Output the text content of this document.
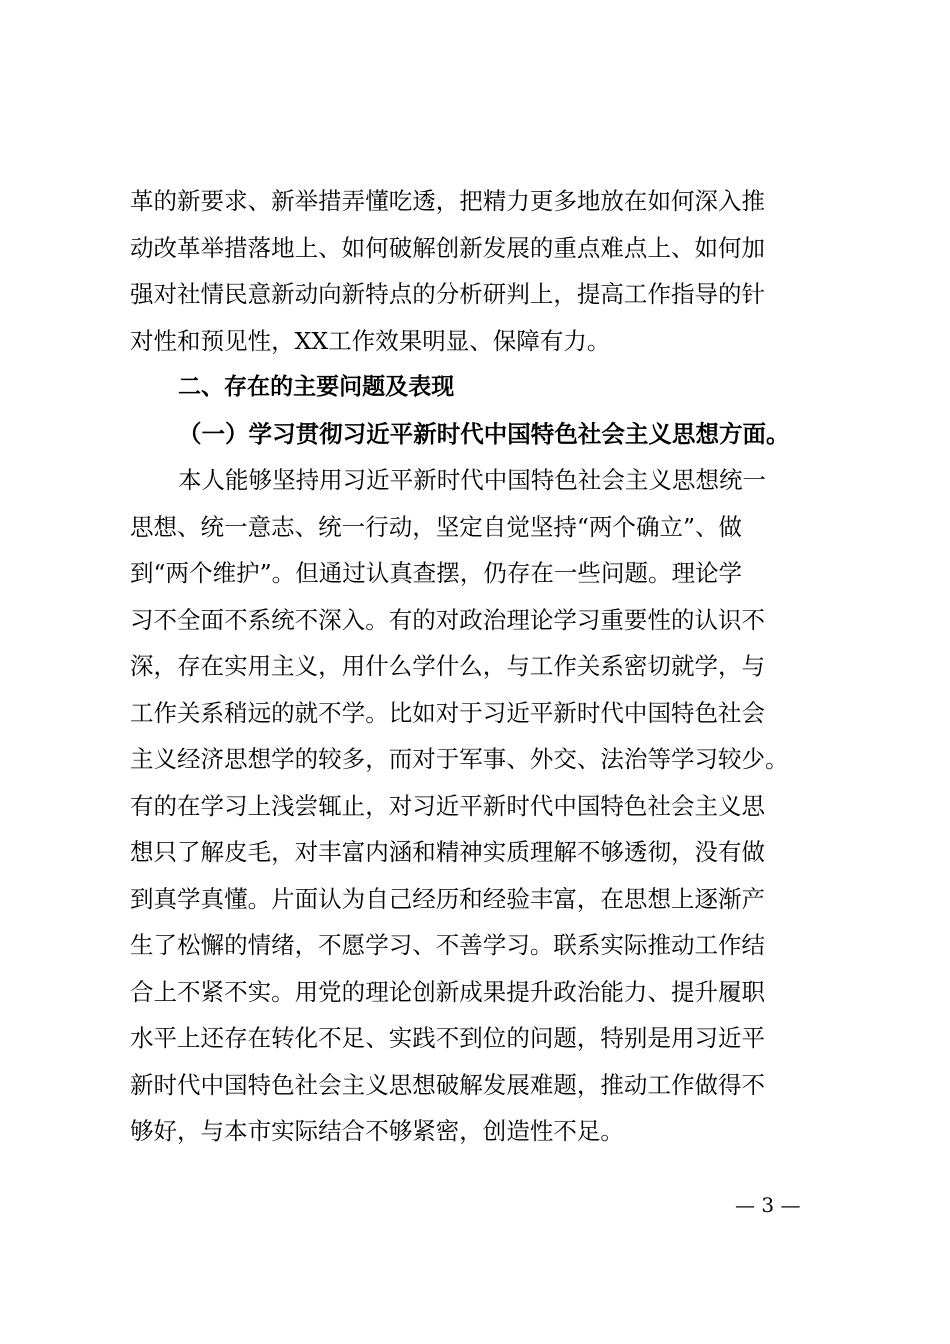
革的新要求、新举措弄懂吃透，把精力更多地放在如何深入推
动改革举措落地上、如何破解创新发展的重点难点上、如何加
强对社情民意新动向新特点的分析研判上，提高工作指导的针
对性和预见性，XX工作效果明显、保障有力。
二、存在的主要问题及表现
（一）学习贯彻习近平新时代中国特色社会主义思想方面。
本人能够坚持用习近平新时代中国特色社会主义思想统一
思想、统一意志、统一行动，坚定自觉坚持“两个确立”、做
到“两个维护”。但通过认真查摆，仍存在一些问题。理论学
习不全面不系统不深入。有的对政治理论学习重要性的认识不
深，存在实用主义，用什么学什么，与工作关系密切就学，与
工作关系稍远的就不学。比如对于习近平新时代中国特色社会
主义经济思想学的较多，而对于军事、外交、法治等学习较少。
有的在学习上浅尝辄止，对习近平新时代中国特色社会主义思
想只了解皮毛，对丰富内涵和精神实质理解不够透彻，没有做
到真学真懂。片面认为自己经历和经验丰富，在思想上逐渐产
生了松懈的情绪，不愿学习、不善学习。联系实际推动工作结
合上不紧不实。用党的理论创新成果提升政治能力、提升履职
水平上还存在转化不足、实践不到位的问题，特别是用习近平
新时代中国特色社会主义思想破解发展难题，推动工作做得不
够好，与本市实际结合不够紧密，创造性不足。
— 3 —
